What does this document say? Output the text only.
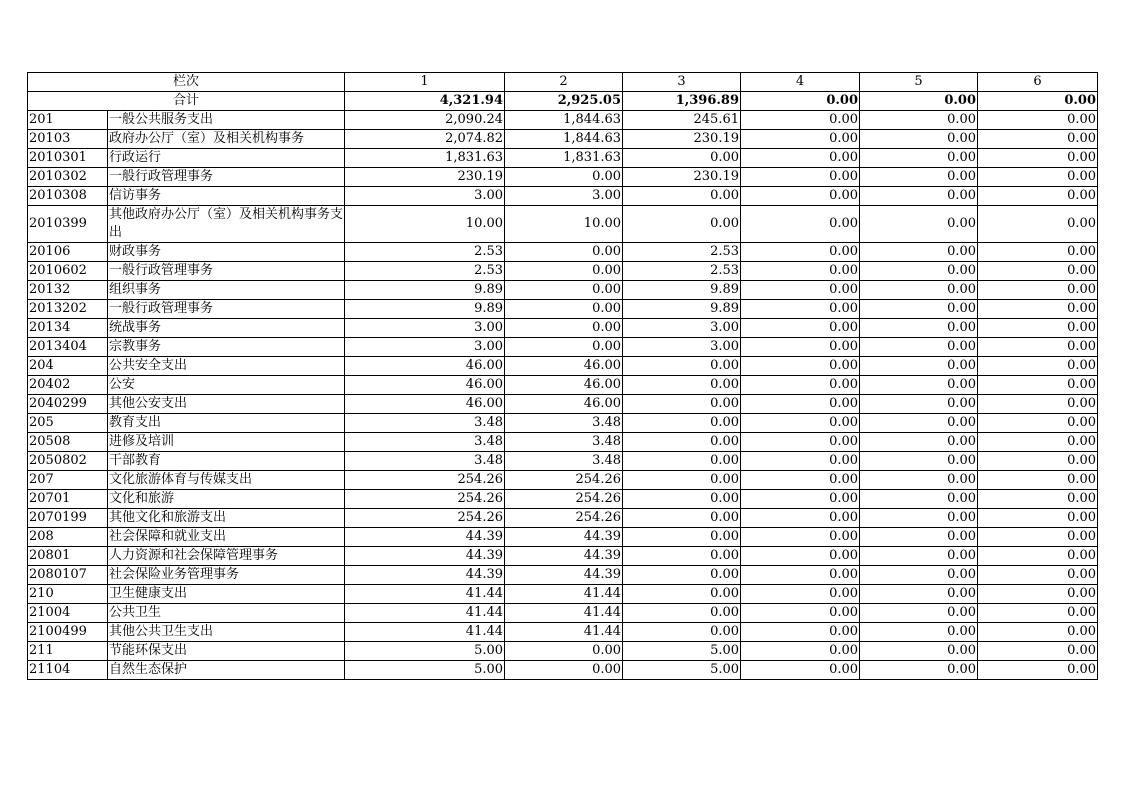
栏次		1	2	3	4	5	6
合计		4,321.94	2,925.05	1,396.89	0.00	0.00	0.00
201	一般公共服务支出	2,090.24	1,844.63	245.61	0.00	0.00	0.00
20103	政府办公厅（室）及相关机构事务	2,074.82	1,844.63	230.19	0.00	0.00	0.00
2010301	行政运行	1,831.63	1,831.63	0.00	0.00	0.00	0.00
2010302	一般行政管理事务	230.19	0.00	230.19	0.00	0.00	0.00
2010308	信访事务	3.00	3.00	0.00	0.00	0.00	0.00
2010399	其他政府办公厅（室）及相关机构事务支出	10.00	10.00	0.00	0.00	0.00	0.00
20106	财政事务	2.53	0.00	2.53	0.00	0.00	0.00
2010602	一般行政管理事务	2.53	0.00	2.53	0.00	0.00	0.00
20132	组织事务	9.89	0.00	9.89	0.00	0.00	0.00
2013202	一般行政管理事务	9.89	0.00	9.89	0.00	0.00	0.00
20134	统战事务	3.00	0.00	3.00	0.00	0.00	0.00
2013404	宗教事务	3.00	0.00	3.00	0.00	0.00	0.00
204	公共安全支出	46.00	46.00	0.00	0.00	0.00	0.00
20402	公安	46.00	46.00	0.00	0.00	0.00	0.00
2040299	其他公安支出	46.00	46.00	0.00	0.00	0.00	0.00
205	教育支出	3.48	3.48	0.00	0.00	0.00	0.00
20508	进修及培训	3.48	3.48	0.00	0.00	0.00	0.00
2050802	干部教育	3.48	3.48	0.00	0.00	0.00	0.00
207	文化旅游体育与传媒支出	254.26	254.26	0.00	0.00	0.00	0.00
20701	文化和旅游	254.26	254.26	0.00	0.00	0.00	0.00
2070199	其他文化和旅游支出	254.26	254.26	0.00	0.00	0.00	0.00
208	社会保障和就业支出	44.39	44.39	0.00	0.00	0.00	0.00
20801	人力资源和社会保障管理事务	44.39	44.39	0.00	0.00	0.00	0.00
2080107	社会保险业务管理事务	44.39	44.39	0.00	0.00	0.00	0.00
210	卫生健康支出	41.44	41.44	0.00	0.00	0.00	0.00
21004	公共卫生	41.44	41.44	0.00	0.00	0.00	0.00
2100499	其他公共卫生支出	41.44	41.44	0.00	0.00	0.00	0.00
211	节能环保支出	5.00	0.00	5.00	0.00	0.00	0.00
21104	自然生态保护	5.00	0.00	5.00	0.00	0.00	0.00
